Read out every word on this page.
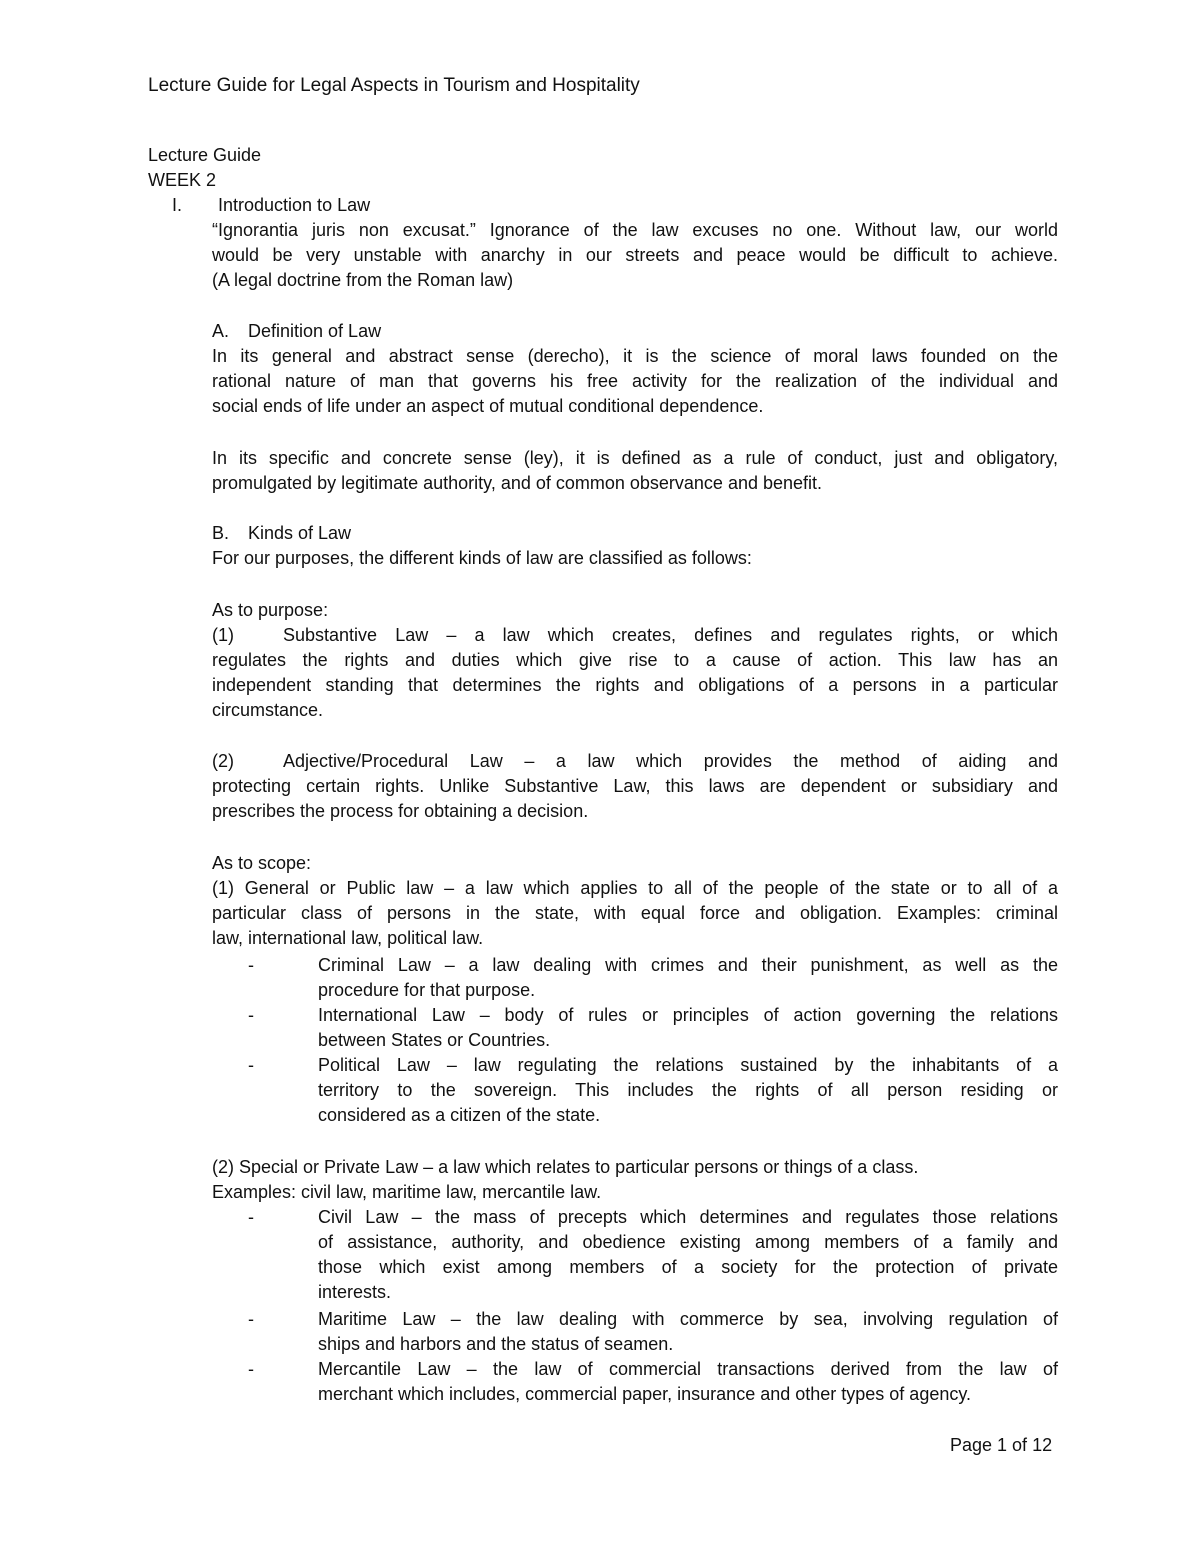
Lecture Guide for Legal Aspects in Tourism and Hospitality
Lecture Guide
WEEK 2
I. Introduction to Law
“Ignorantia juris non excusat.” Ignorance of the law excuses no one. Without law, our world
would be very unstable with anarchy in our streets and peace would be difficult to achieve.
(A legal doctrine from the Roman law)
A. Definition of Law
In its general and abstract sense (derecho), it is the science of moral laws founded on the
rational nature of man that governs his free activity for the realization of the individual and
social ends of life under an aspect of mutual conditional dependence.
In its specific and concrete sense (ley), it is defined as a rule of conduct, just and obligatory,
promulgated by legitimate authority, and of common observance and benefit.
B. Kinds of Law
For our purposes, the different kinds of law are classified as follows:
As to purpose:
(1)	Substantive Law – a law which creates, defines and regulates rights, or which
regulates the rights and duties which give rise to a cause of action. This law has an
independent standing that determines the rights and obligations of a persons in a particular
circumstance.
(2)	Adjective/Procedural Law – a law which provides the method of aiding and
protecting certain rights. Unlike Substantive Law, this laws are dependent or subsidiary and
prescribes the process for obtaining a decision.
As to scope:
(1) General or Public law – a law which applies to all of the people of the state or to all of a
particular class of persons in the state, with equal force and obligation. Examples: criminal
law, international law, political law.
-	Criminal Law – a law dealing with crimes and their punishment, as well as the
procedure for that purpose.
-	International Law – body of rules or principles of action governing the relations
between States or Countries.
-	Political Law – law regulating the relations sustained by the inhabitants of a
territory to the sovereign. This includes the rights of all person residing or
considered as a citizen of the state.
(2) Special or Private Law – a law which relates to particular persons or things of a class.
Examples: civil law, maritime law, mercantile law.
-	Civil Law – the mass of precepts which determines and regulates those relations
of assistance, authority, and obedience existing among members of a family and
those which exist among members of a society for the protection of private
interests.
-	Maritime Law – the law dealing with commerce by sea, involving regulation of
ships and harbors and the status of seamen.
-	Mercantile Law – the law of commercial transactions derived from the law of
merchant which includes, commercial paper, insurance and other types of agency.
Page 1 of 12
